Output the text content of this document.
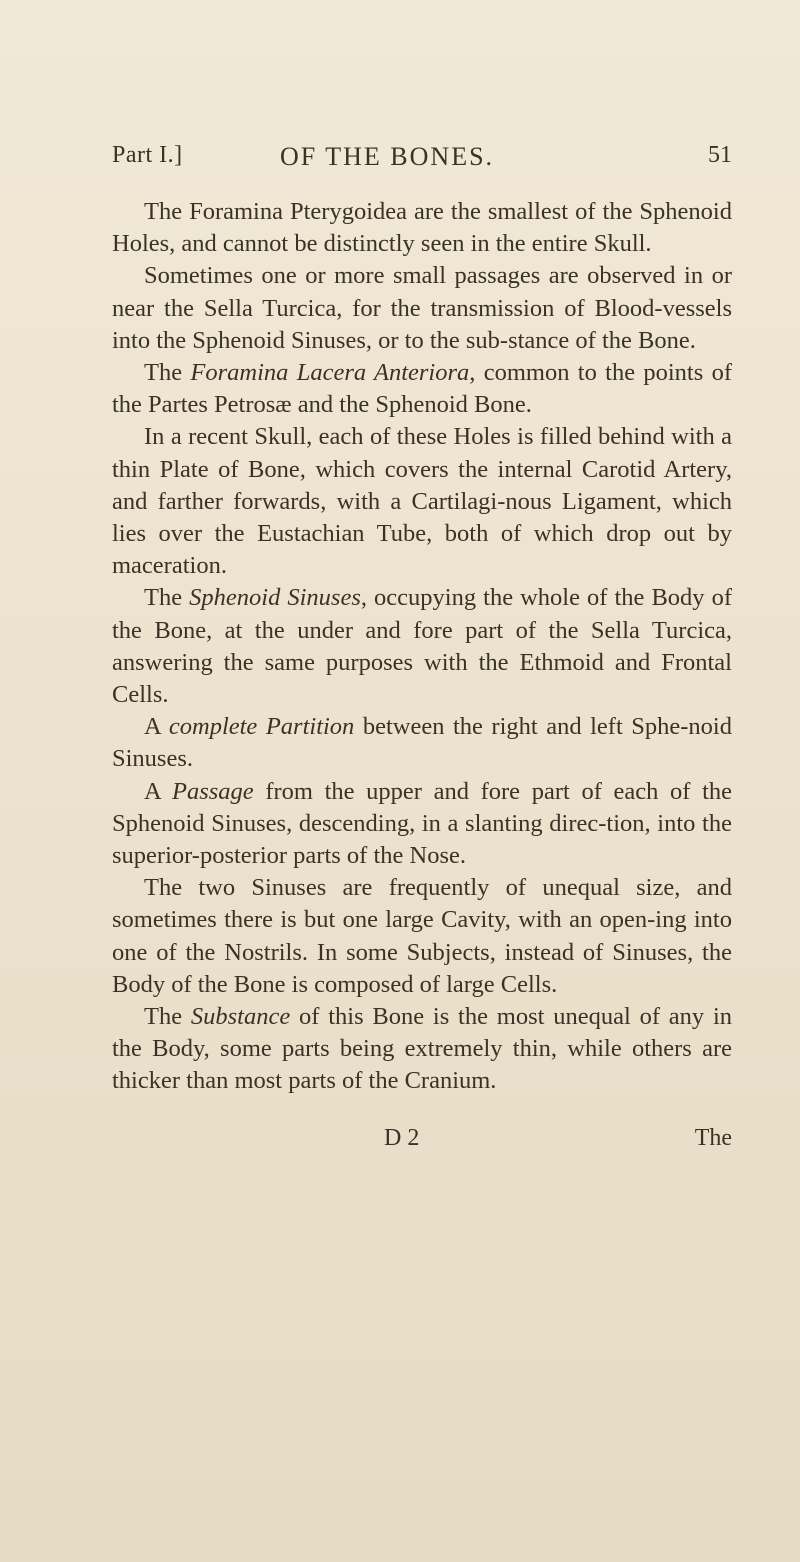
Part I.]	OF THE BONES.	51

The Foramina Pterygoidea are the smallest of the Sphenoid Holes, and cannot be distinctly seen in the entire Skull.

Sometimes one or more small passages are observed in or near the Sella Turcica, for the transmission of Blood-vessels into the Sphenoid Sinuses, or to the sub-stance of the Bone.

The Foramina Lacera Anteriora, common to the points of the Partes Petrosæ and the Sphenoid Bone.

In a recent Skull, each of these Holes is filled behind with a thin Plate of Bone, which covers the internal Carotid Artery, and farther forwards, with a Cartilagi-nous Ligament, which lies over the Eustachian Tube, both of which drop out by maceration.

The Sphenoid Sinuses, occupying the whole of the Body of the Bone, at the under and fore part of the Sella Turcica, answering the same purposes with the Ethmoid and Frontal Cells.

A complete Partition between the right and left Sphe-noid Sinuses.

A Passage from the upper and fore part of each of the Sphenoid Sinuses, descending, in a slanting direc-tion, into the superior-posterior parts of the Nose.

The two Sinuses are frequently of unequal size, and sometimes there is but one large Cavity, with an open-ing into one of the Nostrils. In some Subjects, instead of Sinuses, the Body of the Bone is composed of large Cells.

The Substance of this Bone is the most unequal of any in the Body, some parts being extremely thin, while others are thicker than most parts of the Cranium.

D 2	The
